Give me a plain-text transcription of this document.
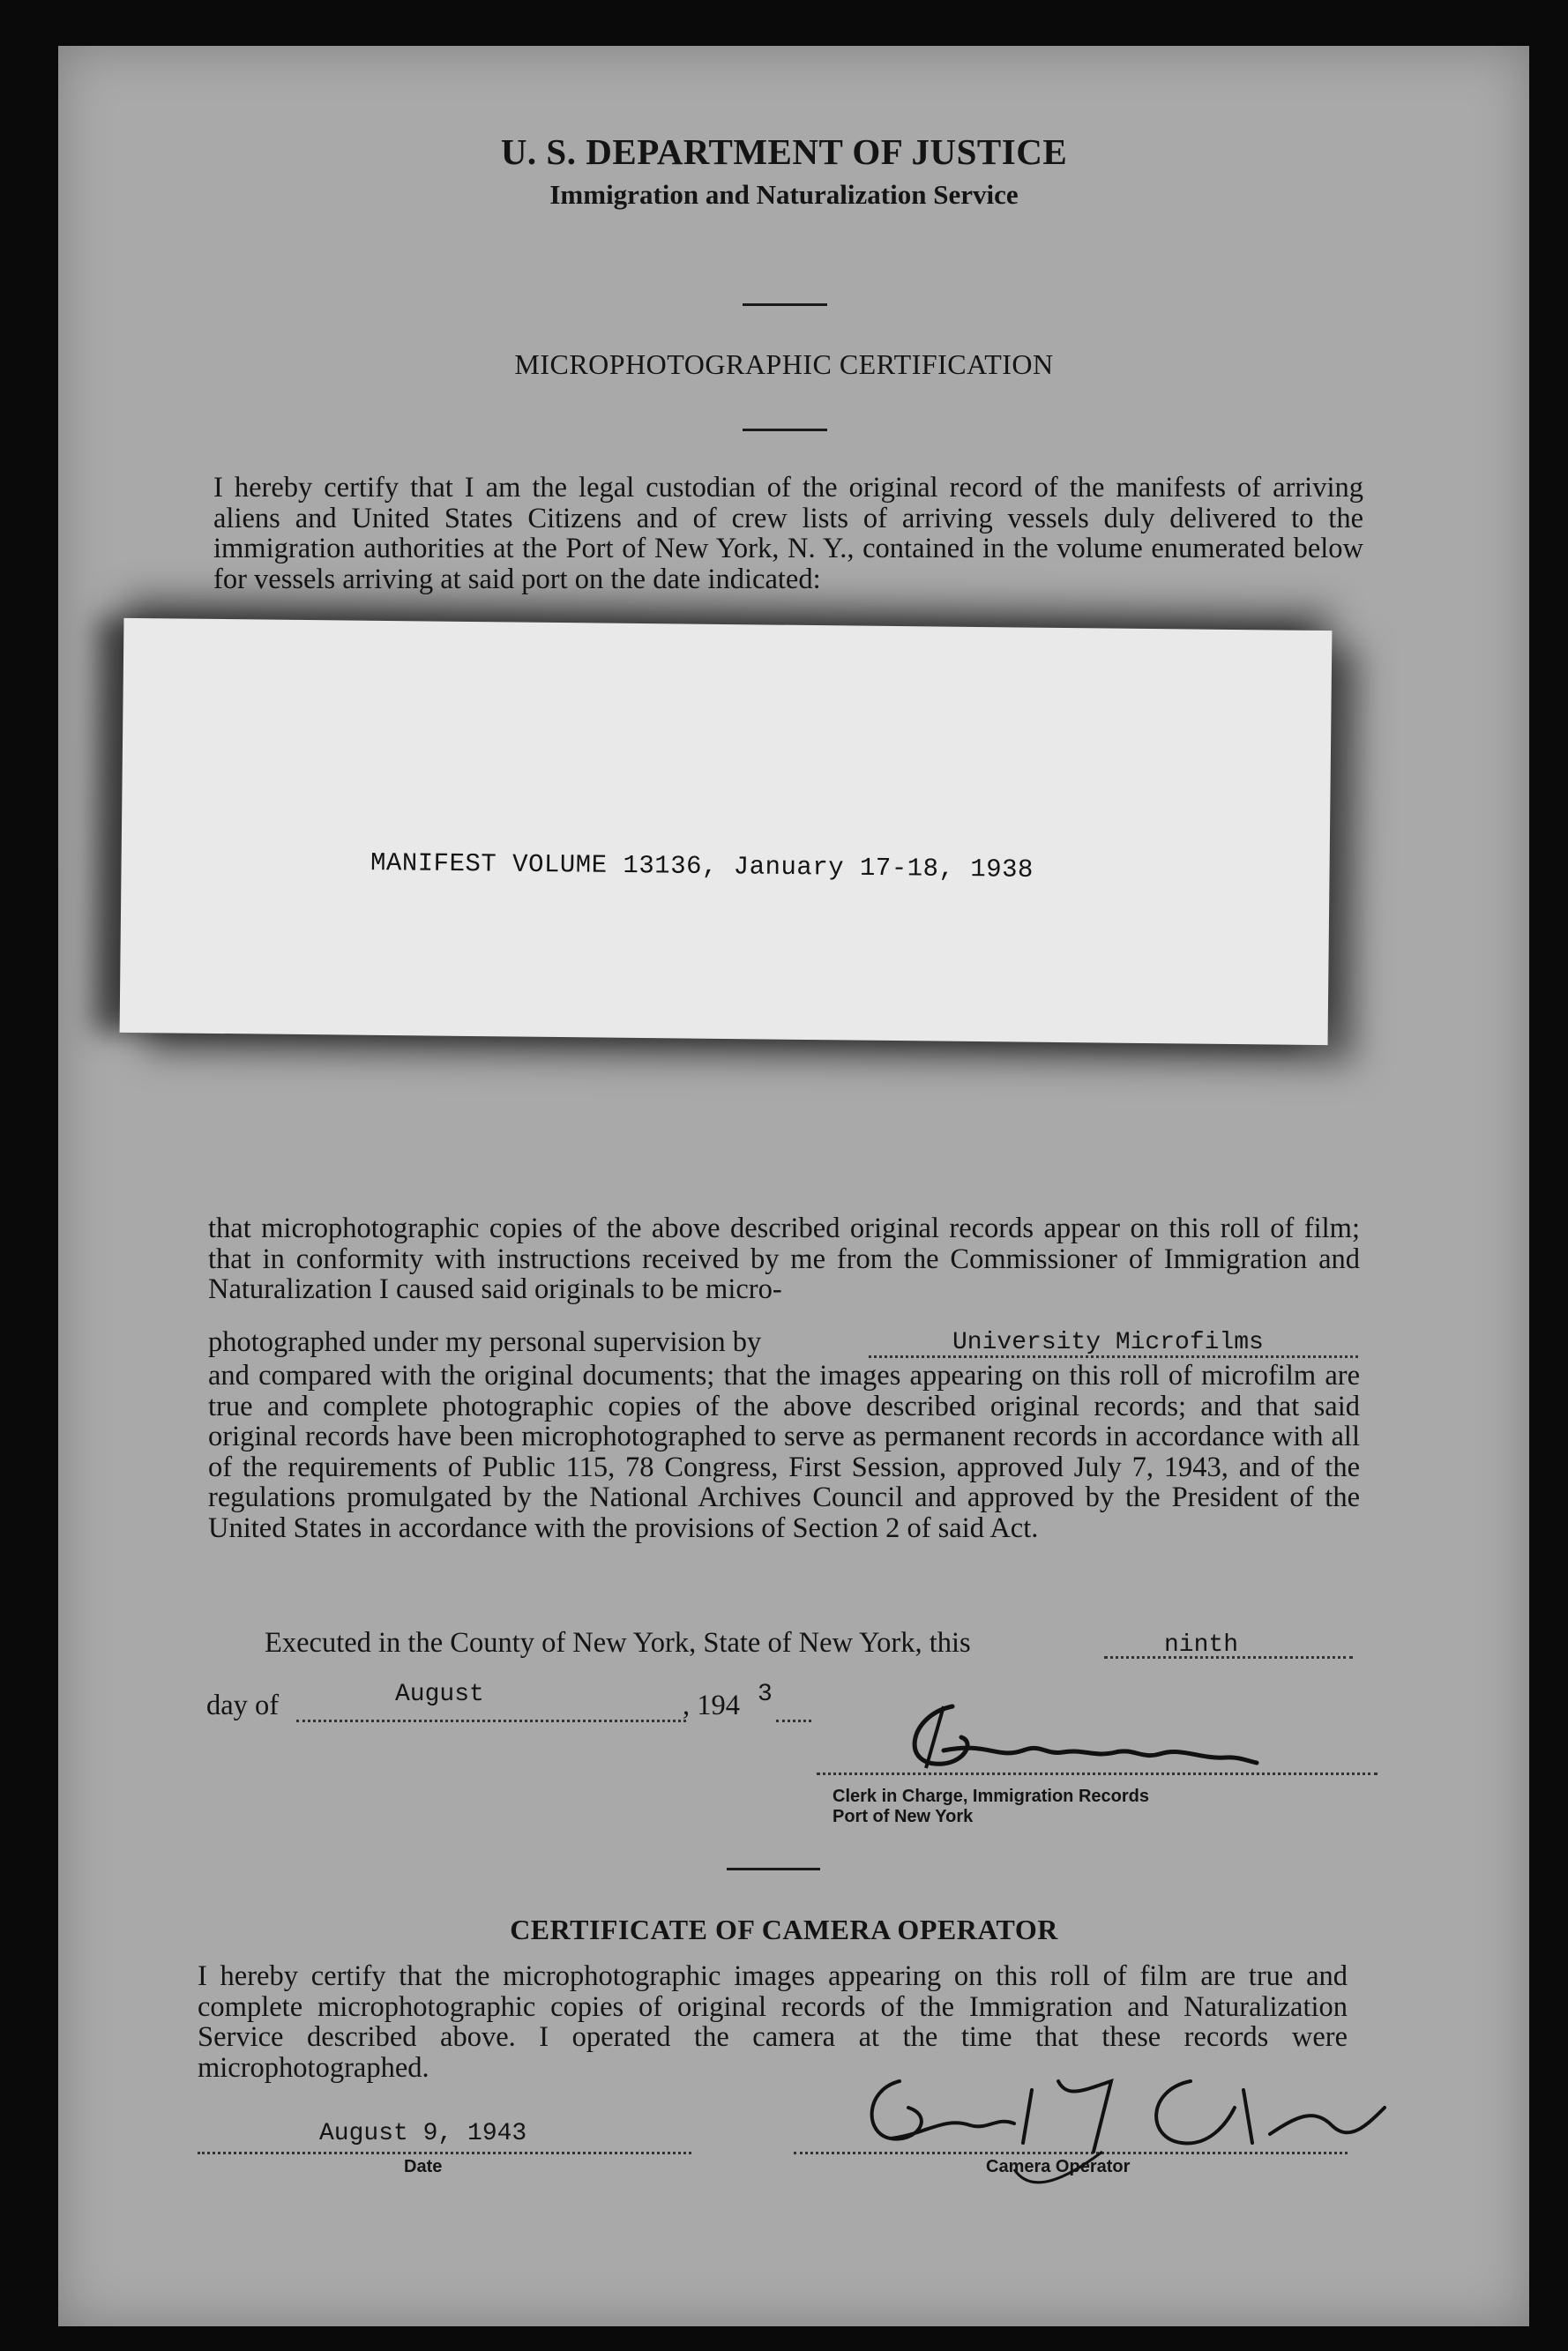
U. S. DEPARTMENT OF JUSTICE
Immigration and Naturalization Service
MICROPHOTOGRAPHIC CERTIFICATION

I hereby certify that I am the legal custodian of the original record of the manifests of arriving aliens and United States Citizens and of crew lists of arriving vessels duly delivered to the immigration authorities at the Port of New York, N. Y., contained in the volume enumerated below for vessels arriving at said port on the date indicated:

MANIFEST VOLUME 13136, January 17-18, 1938

that microphotographic copies of the above described original records appear on this roll of film; that in conformity with instructions received by me from the Commissioner of Immigration and Naturalization I caused said originals to be micro-

photographed under my personal supervision by	University Microfilms

and compared with the original documents; that the images appearing on this roll of microfilm are true and complete photographic copies of the above described original records; and that said original records have been microphotographed to serve as permanent records in accordance with all of the requirements of Public 115, 78 Congress, First Session, approved July 7, 1943, and of the regulations promulgated by the National Archives Council and approved by the President of the United States in accordance with the provisions of Section 2 of said Act.

Executed in the County of New York, State of New York, this	ninth
day of	August	, 194 3
Clerk in Charge, Immigration Records
Port of New York
CERTIFICATE OF CAMERA OPERATOR

I hereby certify that the microphotographic images appearing on this roll of film are true and complete microphotographic copies of original records of the Immigration and Naturalization Service described above. I operated the camera at the time that these records were microphotographed.

August 9, 1943
Date	Camera Operator
